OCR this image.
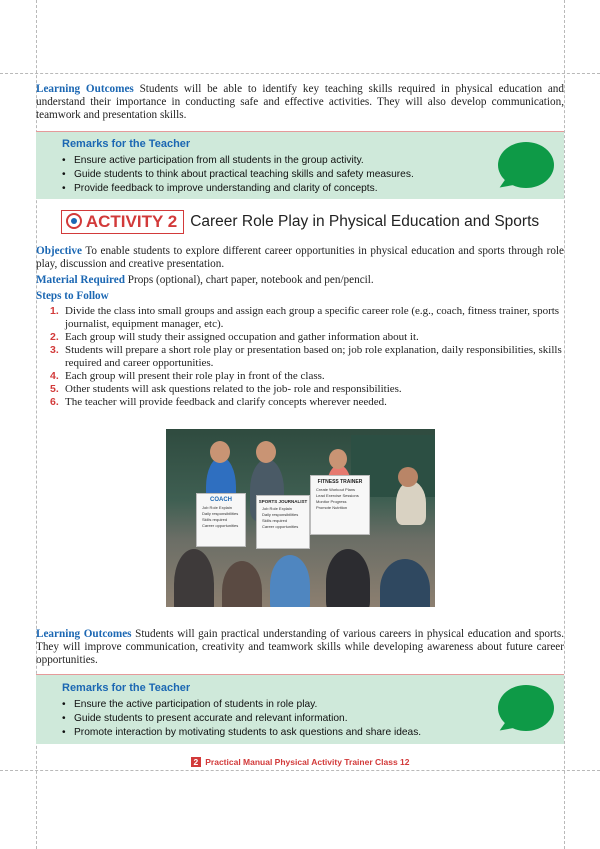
Learning Outcomes Students will be able to identify key teaching skills required in physical education and understand their importance in conducting safe and effective activities. They will also develop communication, teamwork and presentation skills.

Remarks for the Teacher
• Ensure active participation from all students in the group activity.
• Guide students to think about practical teaching skills and safety measures.
• Provide feedback to improve understanding and clarity of concepts.
ACTIVITY 2 Career Role Play in Physical Education and Sports

Objective To enable students to explore different career opportunities in physical education and sports through role play, discussion and creative presentation.

Material Required Props (optional), chart paper, notebook and pen/pencil.

Steps to Follow

1. Divide the class into small groups and assign each group a specific career role (e.g., coach, fitness trainer, sports journalist, equipment manager, etc).
2. Each group will study their assigned occupation and gather information about it.
3. Students will prepare a short role play or presentation based on; job role explanation, daily responsibilities, skills required and career opportunities.
4. Each group will present their role play in front of the class.
5. Other students will ask questions related to the job- role and responsibilities.
6. The teacher will provide feedback and clarify concepts wherever needed.
COACH
Job Role Explain
Daily responsibilities
Skills required
Career opportunities
SPORTS JOURNALIST
Job Role Explain
Daily responsibilities
Skills required
Career opportunities
FITNESS TRAINER
Create Workout Plans
Lead Exercise Sessions
Monitor Progress
Promote Nutrition

Learning Outcomes Students will gain practical understanding of various careers in physical education and sports. They will improve communication, creativity and teamwork skills while developing awareness about future career opportunities.

Remarks for the Teacher
• Ensure the active participation of students in role play.
• Guide students to present accurate and relevant information.
• Promote interaction by motivating students to ask questions and share ideas.
2 Practical Manual Physical Activity Trainer Class 12
